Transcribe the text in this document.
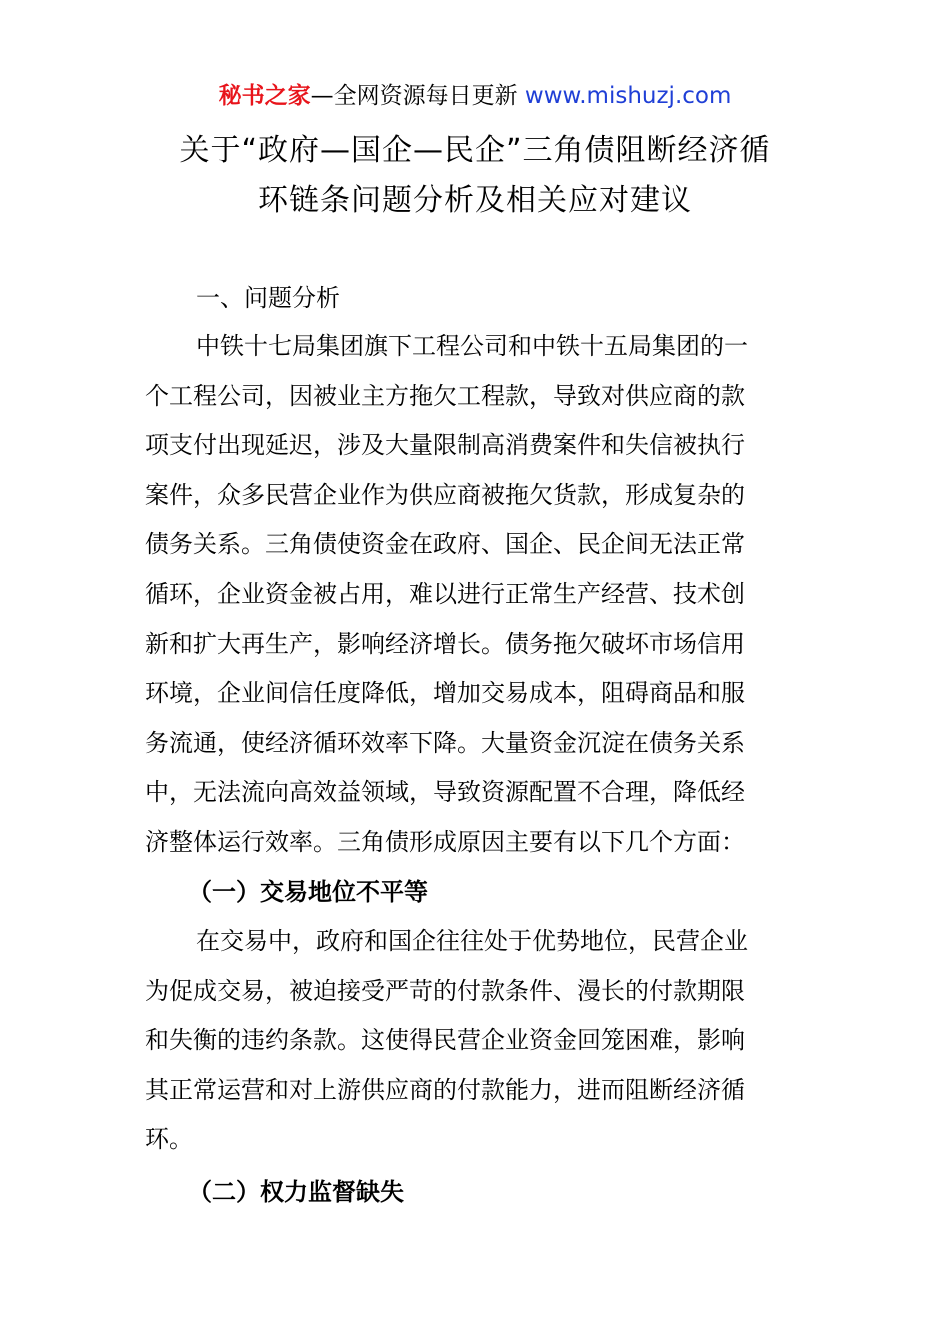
秘书之家—全网资源每日更新 www.mishuzj.com
关于“政府—国企—民企”三角债阻断经济循
环链条问题分析及相关应对建议
一、问题分析
中铁十七局集团旗下工程公司和中铁十五局集团的一
个工程公司，因被业主方拖欠工程款，导致对供应商的款
项支付出现延迟，涉及大量限制高消费案件和失信被执行
案件，众多民营企业作为供应商被拖欠货款，形成复杂的
债务关系。三角债使资金在政府、国企、民企间无法正常
循环，企业资金被占用，难以进行正常生产经营、技术创
新和扩大再生产，影响经济增长。债务拖欠破坏市场信用
环境，企业间信任度降低，增加交易成本，阻碍商品和服
务流通，使经济循环效率下降。大量资金沉淀在债务关系
中，无法流向高效益领域，导致资源配置不合理，降低经
济整体运行效率。三角债形成原因主要有以下几个方面：
（一）交易地位不平等
在交易中，政府和国企往往处于优势地位，民营企业
为促成交易，被迫接受严苛的付款条件、漫长的付款期限
和失衡的违约条款。这使得民营企业资金回笼困难，影响
其正常运营和对上游供应商的付款能力，进而阻断经济循
环。
（二）权力监督缺失
